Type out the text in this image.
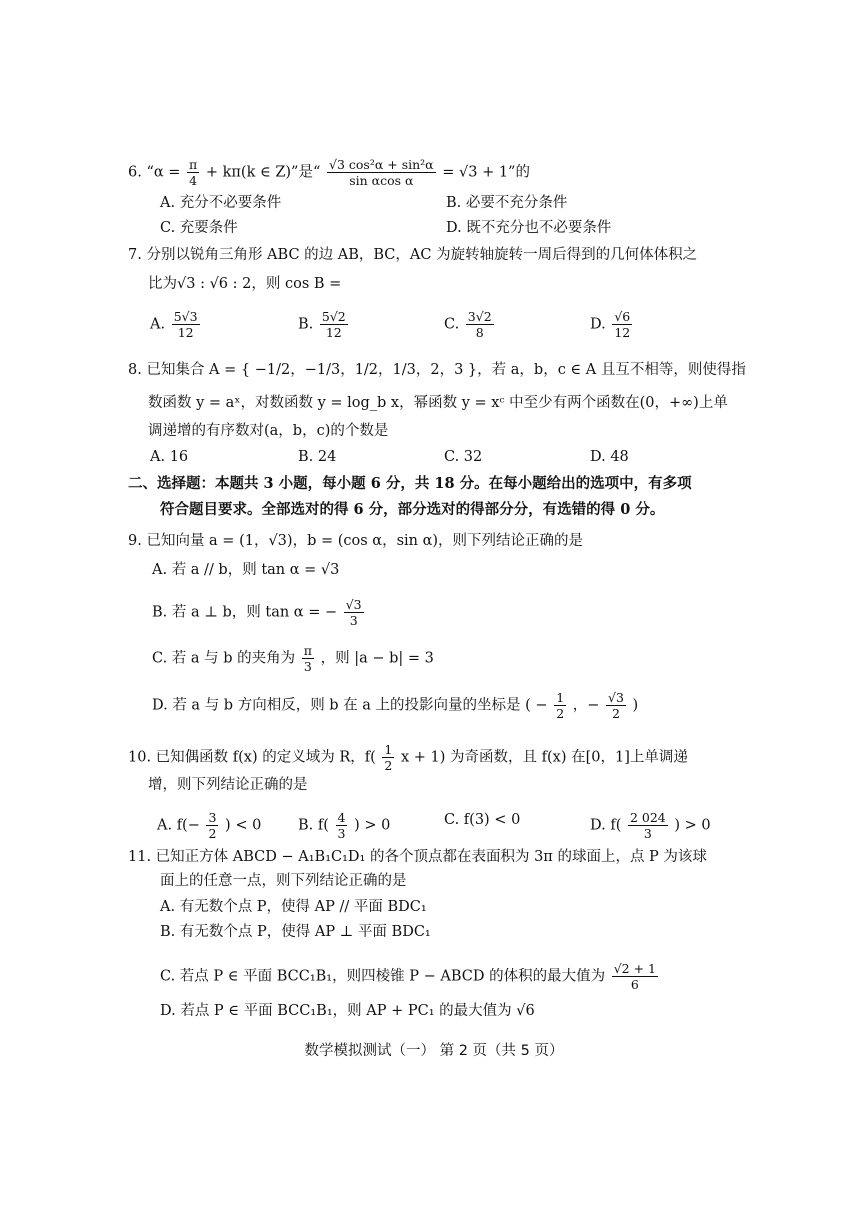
6. “$\alpha = \frac{\pi}{4} + k\pi(k$ ∈ Z)”是“ $\frac{\text{√3 cos²α + sin²α}}{\text{sin αcos α}} = √3 + 1$”的
A. 充分不必要条件	B. 必要不充分条件
C. 充要条件	D. 既不充分也不必要条件
7. 分别以锐角三角形 ABC 的边 AB，BC，AC 为旋转轴旋转一周后得到的几何体体积之
比为√3 : √6 : 2，则 cos B =
A. $\frac{5√3}{12}$	B. $\frac{5√2}{12}$	C. $\frac{3√2}{8}$	D. $\frac{√6}{12}$
8. 已知集合 A = { −1/2，−1/3，1/2，1/3，2，3 }，若 a，b，c ∈ A 且互不相等，则使得指
数函数 y = aˣ，对数函数 y = log_b x，幂函数 y = xᶜ 中至少有两个函数在(0，+∞)上单
调递增的有序数对(a，b，c)的个数是
A. 16	B. 24	C. 32	D. 48
二、选择题：本题共 3 小题，每小题 6 分，共 18 分。在每小题给出的选项中，有多项
符合题目要求。全部选对的得 6 分，部分选对的得部分分，有选错的得 0 分。
9. 已知向量 a = (1，√3)，b = (cos α，sin α)，则下列结论正确的是
A. 若 a // b，则 tan α = √3
B. 若 a ⊥ b，则 tan α = − $\frac{√3}{3}$
C. 若 a 与 b 的夹角为 $\frac{\pi}{3}$ ，则 |a − b| = 3
D. 若 a 与 b 方向相反，则 b 在 a 上的投影向量的坐标是 ( − $\frac{1}{2}$ ，− $\frac{√3}{2}$ )
10. 已知偶函数 f(x) 的定义域为 R，$f( \frac{1}{2}$ x + 1) 为奇函数，且 f(x) 在[0，1]上单调递
增，则下列结论正确的是
A. $f(- \frac{3}{2}$ ) < 0	B. $f( \frac{4}{3}$ ) > 0	C. f(3) < 0	D. $f( \frac{2 024}{3}$ ) > 0
11. 已知正方体 ABCD − A₁B₁C₁D₁ 的各个顶点都在表面积为 3π 的球面上，点 P 为该球
面上的任意一点，则下列结论正确的是
A. 有无数个点 P，使得 AP // 平面 BDC₁
B. 有无数个点 P，使得 AP ⊥ 平面 BDC₁
C. 若点 P ∈ 平面 BCC₁B₁，则四棱锥 P − ABCD 的体积的最大值为 $\frac{√2 + 1}{6}$
D. 若点 P ∈ 平面 BCC₁B₁，则 AP + PC₁ 的最大值为 √6
数学模拟测试（一） 第 2 页（共 5 页）
